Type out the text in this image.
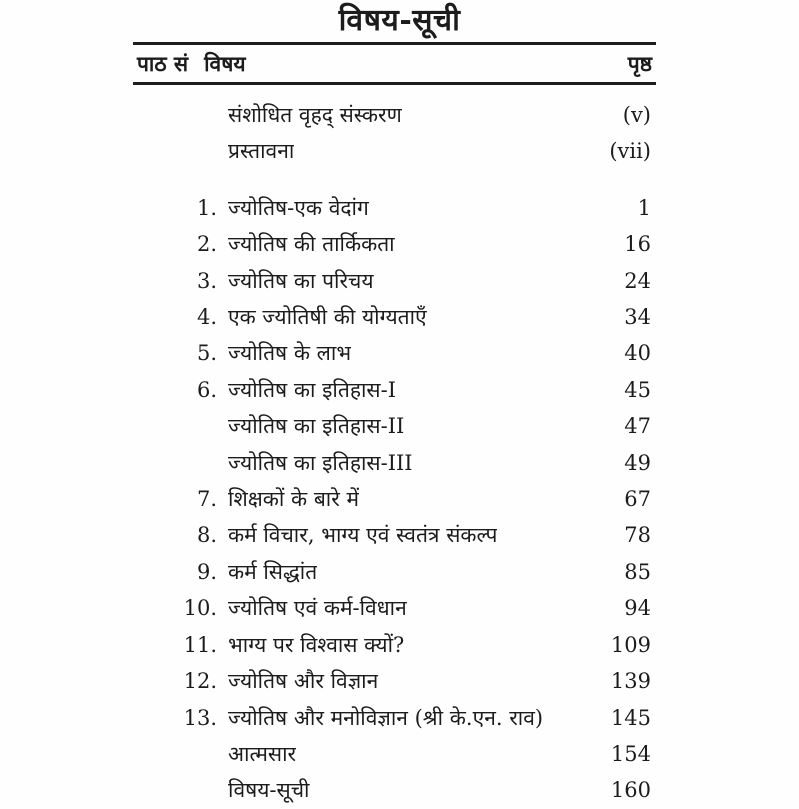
विषय-सूची
पाठ सं विषय	पृष्ठ
संशोधित वृहद् संस्करण	(v)
प्रस्तावना	(vii)
1. ज्योतिष-एक वेदांग	1
2. ज्योतिष की तार्किकता	16
3. ज्योतिष का परिचय	24
4. एक ज्योतिषी की योग्यताएँ	34
5. ज्योतिष के लाभ	40
6. ज्योतिष का इतिहास-I	45
ज्योतिष का इतिहास-II	47
ज्योतिष का इतिहास-III	49
7. शिक्षकों के बारे में	67
8. कर्म विचार, भाग्य एवं स्वतंत्र संकल्प	78
9. कर्म सिद्धांत	85
10. ज्योतिष एवं कर्म-विधान	94
11. भाग्य पर विश्वास क्यों?	109
12. ज्योतिष और विज्ञान	139
13. ज्योतिष और मनोविज्ञान (श्री के.एन. राव)	145
आत्मसार	154
विषय-सूची	160
